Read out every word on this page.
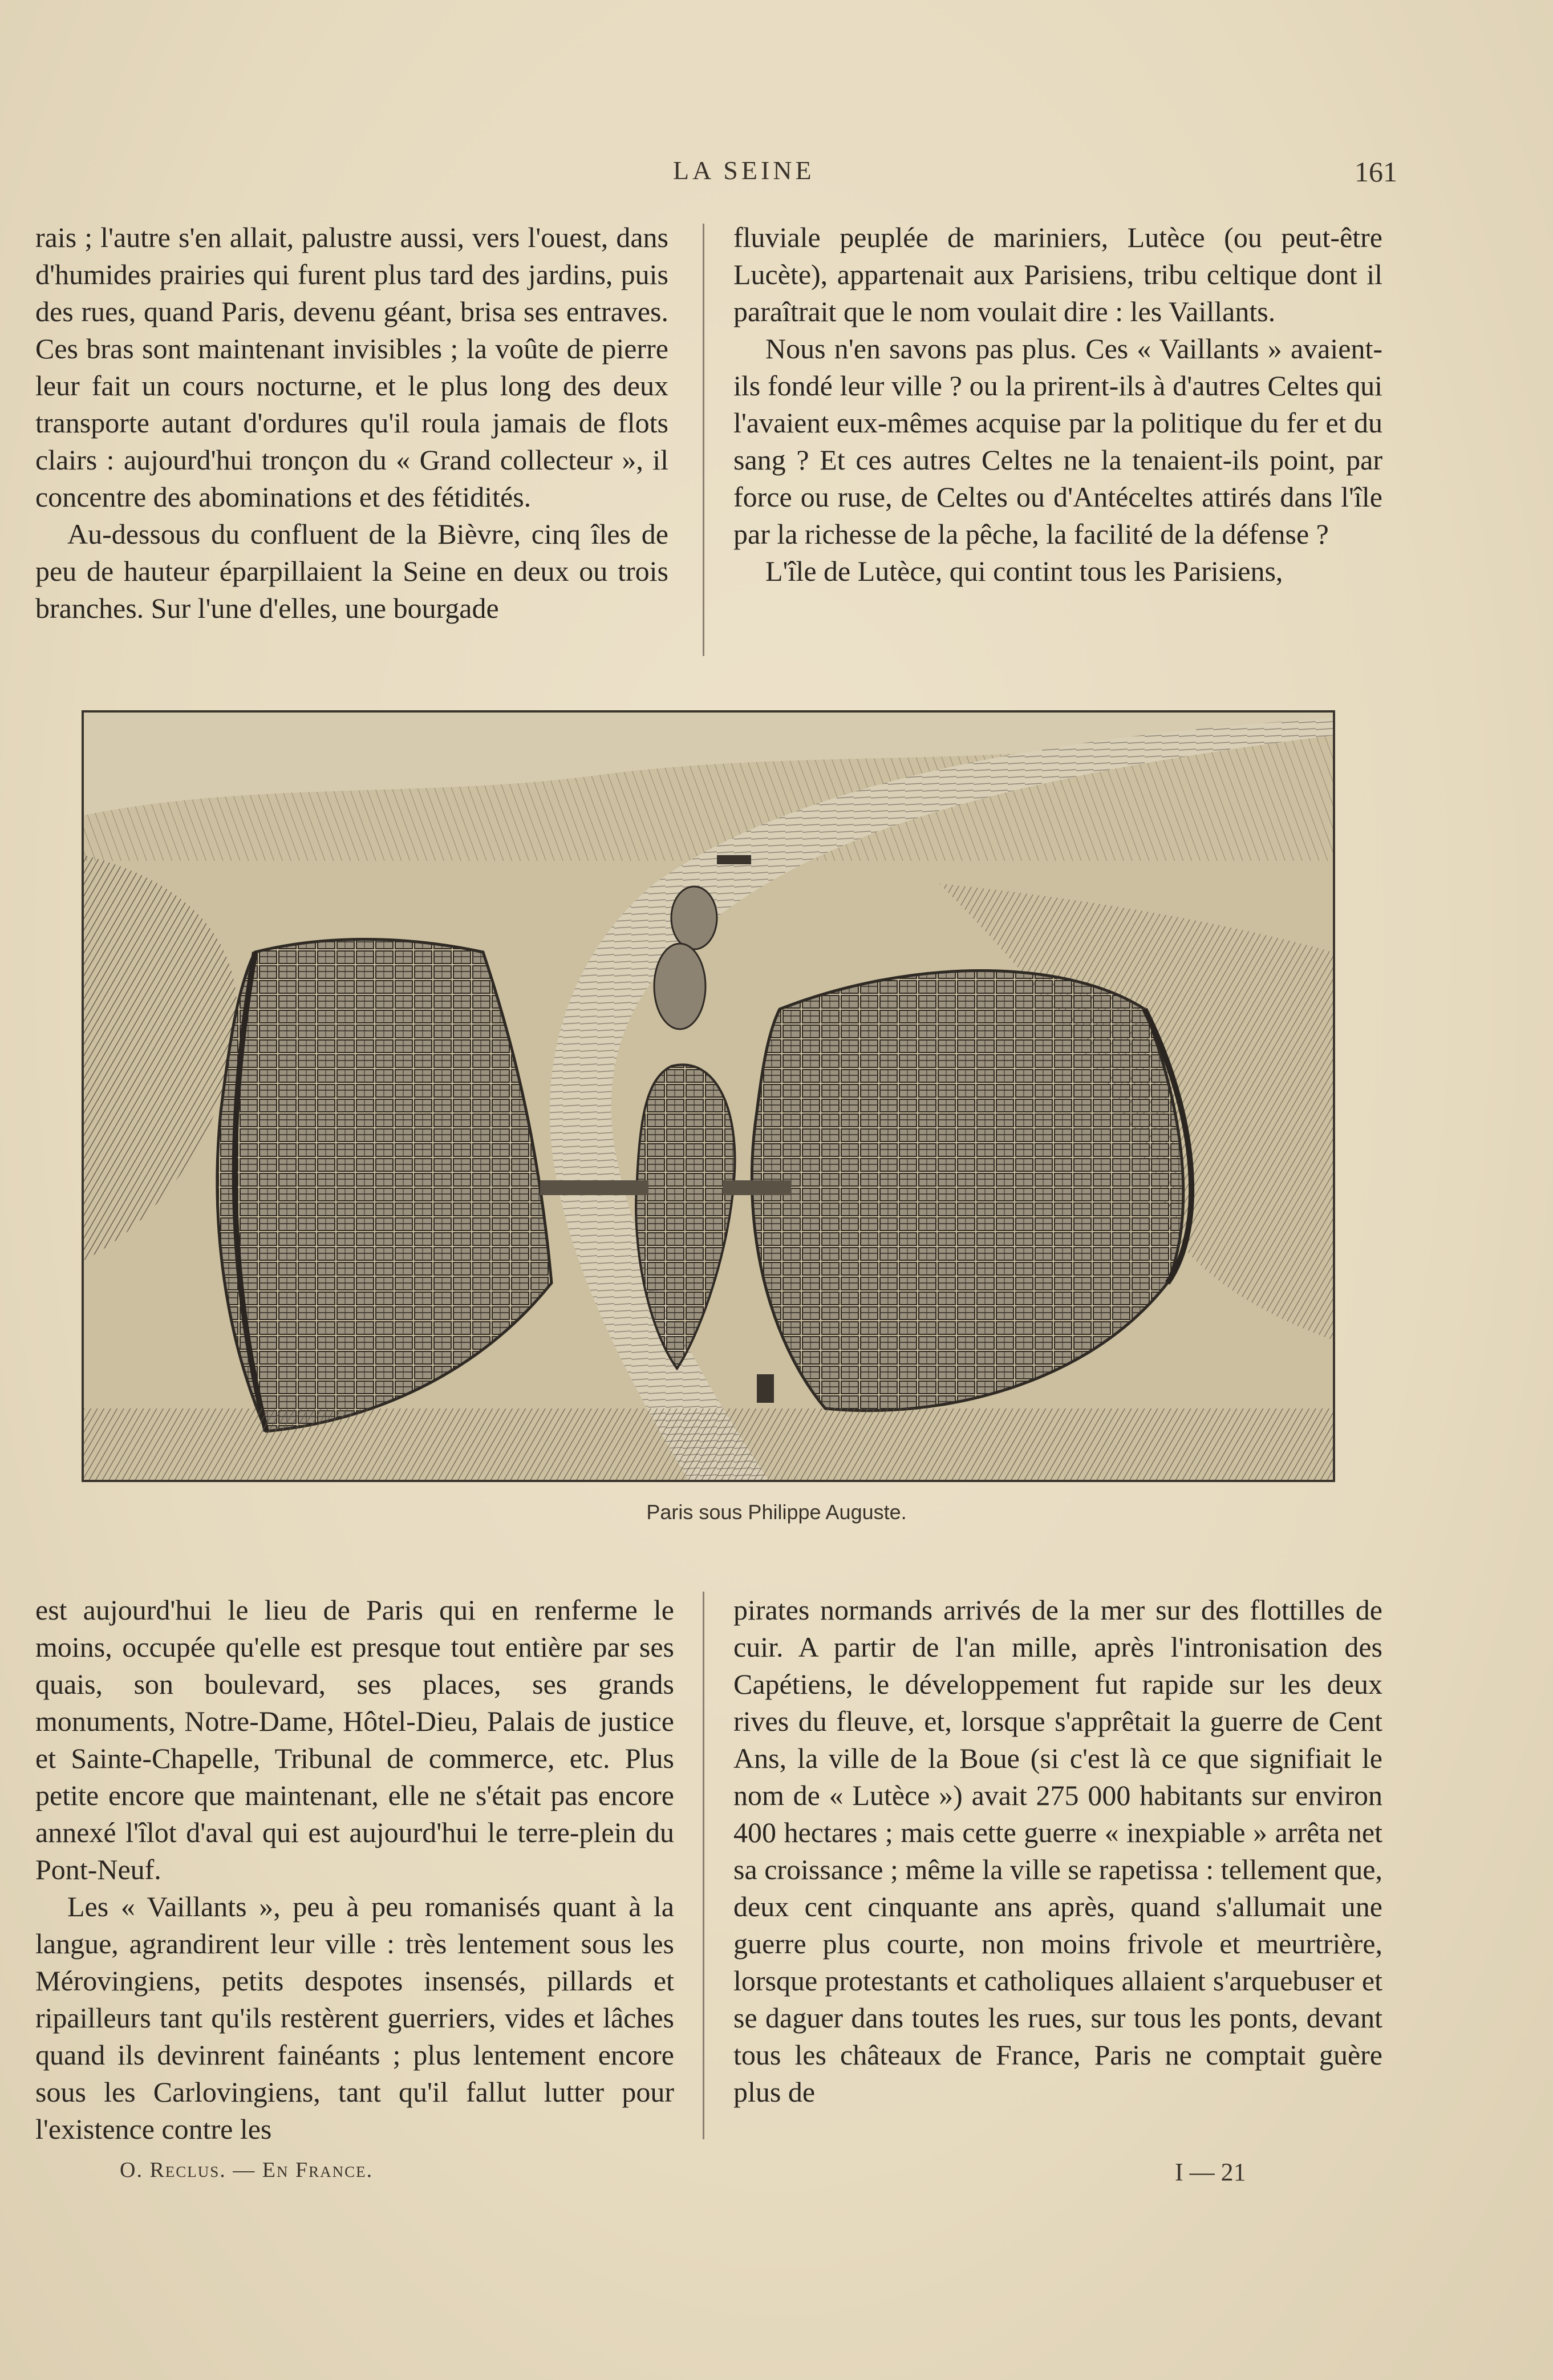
LA SEINE	161

rais ; l'autre s'en allait, palustre aussi, vers l'ouest, dans d'humides prairies qui furent plus tard des jardins, puis des rues, quand Paris, devenu géant, brisa ses entraves. Ces bras sont maintenant invisibles ; la voûte de pierre leur fait un cours nocturne, et le plus long des deux transporte autant d'ordures qu'il roula jamais de flots clairs : aujourd'hui tronçon du « Grand collecteur », il concentre des abominations et des fétidités.

Au-dessous du confluent de la Bièvre, cinq îles de peu de hauteur éparpillaient la Seine en deux ou trois branches. Sur l'une d'elles, une bourgade

fluviale peuplée de mariniers, Lutèce (ou peut-être Lucète), appartenait aux Parisiens, tribu celtique dont il paraîtrait que le nom voulait dire : les Vaillants.

Nous n'en savons pas plus. Ces « Vaillants » avaient-ils fondé leur ville ? ou la prirent-ils à d'autres Celtes qui l'avaient eux-mêmes acquise par la politique du fer et du sang ? Et ces autres Celtes ne la tenaient-ils point, par force ou ruse, de Celtes ou d'Antéceltes attirés dans l'île par la richesse de la pêche, la facilité de la défense ?

L'île de Lutèce, qui contint tous les Parisiens,

Paris sous Philippe Auguste.

est aujourd'hui le lieu de Paris qui en renferme le moins, occupée qu'elle est presque tout entière par ses quais, son boulevard, ses places, ses grands monuments, Notre-Dame, Hôtel-Dieu, Palais de justice et Sainte-Chapelle, Tribunal de commerce, etc. Plus petite encore que maintenant, elle ne s'était pas encore annexé l'îlot d'aval qui est aujourd'hui le terre-plein du Pont-Neuf.

Les « Vaillants », peu à peu romanisés quant à la langue, agrandirent leur ville : très lentement sous les Mérovingiens, petits despotes insensés, pillards et ripailleurs tant qu'ils restèrent guerriers, vides et lâches quand ils devinrent fainéants ; plus lentement encore sous les Carlovingiens, tant qu'il fallut lutter pour l'existence contre les

pirates normands arrivés de la mer sur des flottilles de cuir. A partir de l'an mille, après l'intronisation des Capétiens, le développement fut rapide sur les deux rives du fleuve, et, lorsque s'apprêtait la guerre de Cent Ans, la ville de la Boue (si c'est là ce que signifiait le nom de « Lutèce ») avait 275 000 habitants sur environ 400 hectares ; mais cette guerre « inexpiable » arrêta net sa croissance ; même la ville se rapetissa : tellement que, deux cent cinquante ans après, quand s'allumait une guerre plus courte, non moins frivole et meurtrière, lorsque protestants et catholiques allaient s'arquebuser et se daguer dans toutes les rues, sur tous les ponts, devant tous les châteaux de France, Paris ne comptait guère plus de

O. Reclus. — En France.	I — 21
